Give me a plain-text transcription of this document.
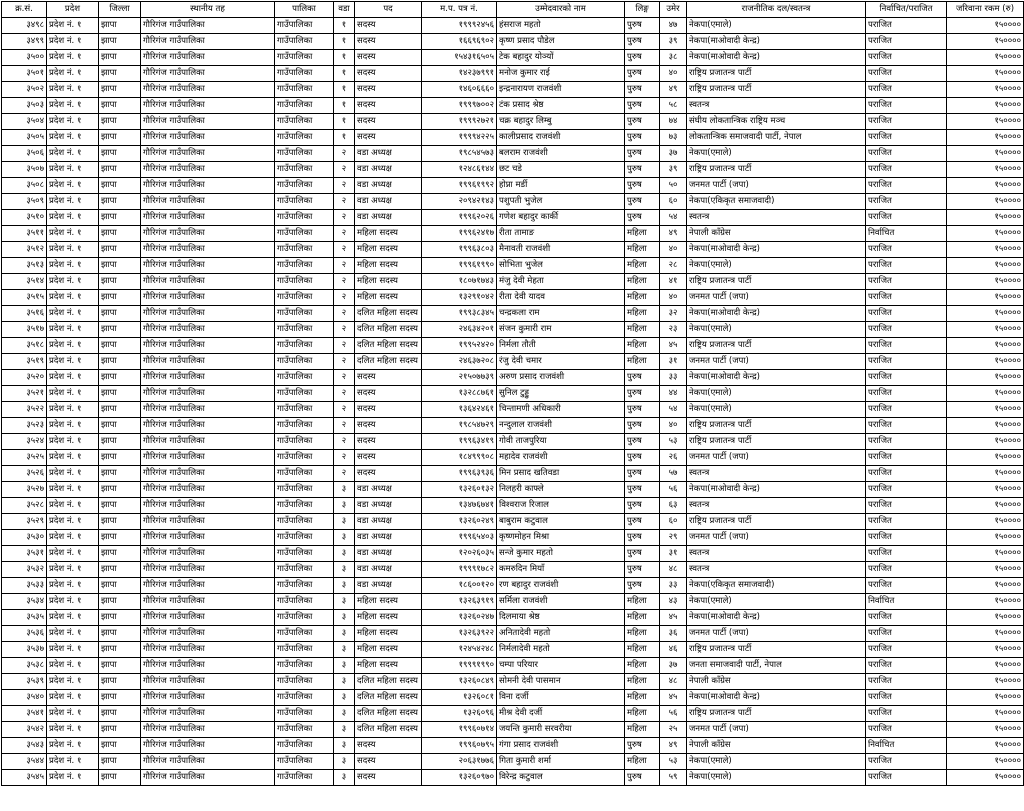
क्र.सं.	प्रदेश	जिल्ला	स्थानीय तह	पालिका	वडा	पद	म.प. पत्र नं.	उम्मेदवारको नाम	लिङ्ग	उमेर	राजनीतिक दल/स्वतन्त्र	निर्वाचित/पराजित	जरिवाना रकम (रु)
३४९८	प्रदेश नं. १	झापा	गौरिगंज गाउँपालिका	गाउँपालिका	१	सदस्य	१९९९२४५६	हंसराज महतो	पुरुष	४७	नेकपा(एमाले)	पराजित	१५००००
३४९९	प्रदेश नं. १	झापा	गौरिगंज गाउँपालिका	गाउँपालिका	१	सदस्य	१६६९६९०२	कृष्ण प्रसाद पौडेल	पुरुष	३९	नेकपा(माओवादी केन्द्र)	पराजित	१५००००
३५००	प्रदेश नं. १	झापा	गौरिगंज गाउँपालिका	गाउँपालिका	१	सदस्य	१५४३१६५०५	टेक बहादुर योञ्यों	पुरुष	३८	नेकपा(माओवादी केन्द्र)	पराजित	१५००००
३५०१	प्रदेश नं. १	झापा	गौरिगंज गाउँपालिका	गाउँपालिका	१	सदस्य	१४२३७९९१	मनोज कुमार राई	पुरुष	४०	राष्ट्रिय प्रजातन्त्र पार्टी	पराजित	१५००००
३५०२	प्रदेश नं. १	झापा	गौरिगंज गाउँपालिका	गाउँपालिका	१	सदस्य	१४६०६६६०	इन्द्रनारायण राजवंशी	पुरुष	४९	राष्ट्रिय प्रजातन्त्र पार्टी	पराजित	१५००००
३५०३	प्रदेश नं. १	झापा	गौरिगंज गाउँपालिका	गाउँपालिका	१	सदस्य	१९९९७००२	टंक प्रसाद श्रेष्ठ	पुरुष	५८	स्वतन्त्र	पराजित	१५००००
३५०४	प्रदेश नं. १	झापा	गौरिगंज गाउँपालिका	गाउँपालिका	१	सदस्य	१९९९२७२१	चक्र बहादुर लिम्बु	पुरुष	७४	संघीय लोकतान्त्रिक राष्ट्रिय मञ्च	पराजित	१५००००
३५०५	प्रदेश नं. १	झापा	गौरिगंज गाउँपालिका	गाउँपालिका	१	सदस्य	१९९९४२२५	कालीप्रसाद राजवंशी	पुरुष	७३	लोकतान्त्रिक समाजवादी पार्टी, नेपाल	पराजित	१५००००
३५०६	प्रदेश नं. १	झापा	गौरिगंज गाउँपालिका	गाउँपालिका	२	वडा अध्यक्ष	१९८५४५७३	बलराम राजवंशी	पुरुष	३७	नेकपा(एमाले)	पराजित	१५००००
३५०७	प्रदेश नं. १	झापा	गौरिगंज गाउँपालिका	गाउँपालिका	२	वडा अध्यक्ष	१२४८६१४४	छट चडे	पुरुष	३९	राष्ट्रिय प्रजातन्त्र पार्टी	पराजित	१५००००
३५०८	प्रदेश नं. १	झापा	गौरिगंज गाउँपालिका	गाउँपालिका	२	वडा अध्यक्ष	१९९६१९९२	होप्ना मर्डी	पुरुष	५०	जनमत पार्टी (जपा)	पराजित	१५००००
३५०९	प्रदेश नं. १	झापा	गौरिगंज गाउँपालिका	गाउँपालिका	२	वडा अध्यक्ष	२०९४२१४३	पशुपती भुजेल	पुरुष	६०	नेकपा(एकिकृत समाजवादी)	पराजित	१५००००
३५१०	प्रदेश नं. १	झापा	गौरिगंज गाउँपालिका	गाउँपालिका	२	वडा अध्यक्ष	१९९६२०२६	गणेश बहादुर कार्की	पुरुष	५४	स्वतन्त्र	पराजित	१५००००
३५११	प्रदेश नं. १	झापा	गौरिगंज गाउँपालिका	गाउँपालिका	२	महिला सदस्य	१९९६२४१७	रीता तामाङ	महिला	४९	नेपाली काँग्रेस	निर्वाचित	१५००००
३५१२	प्रदेश नं. १	झापा	गौरिगंज गाउँपालिका	गाउँपालिका	२	महिला सदस्य	१९९६३८०३	मैनावती राजवंशी	महिला	४०	नेकपा(माओवादी केन्द्र)	पराजित	१५००००
३५१३	प्रदेश नं. १	झापा	गौरिगंज गाउँपालिका	गाउँपालिका	२	महिला सदस्य	१९९६१९९०	सोभिता भुजेल	महिला	२८	नेकपा(एमाले)	पराजित	१५००००
३५१४	प्रदेश नं. १	झापा	गौरिगंज गाउँपालिका	गाउँपालिका	२	महिला सदस्य	१८०७१७४३	मंजु देवी मेहता	महिला	४१	राष्ट्रिय प्रजातन्त्र पार्टी	पराजित	१५००००
३५१५	प्रदेश नं. १	झापा	गौरिगंज गाउँपालिका	गाउँपालिका	२	महिला सदस्य	१३२९१०४२	रीता देवी यादव	महिला	४०	जनमत पार्टी (जपा)	पराजित	१५००००
३५१६	प्रदेश नं. १	झापा	गौरिगंज गाउँपालिका	गाउँपालिका	२	दलित महिला सदस्य	१९९३८३४५	चन्द्रकला राम	महिला	३२	नेकपा(माओवादी केन्द्र)	पराजित	१५००००
३५१७	प्रदेश नं. १	झापा	गौरिगंज गाउँपालिका	गाउँपालिका	२	दलित महिला सदस्य	२४६३४२०१	संजन कुमारी राम	महिला	२३	नेकपा(एमाले)	पराजित	१५००००
३५१८	प्रदेश नं. १	झापा	गौरिगंज गाउँपालिका	गाउँपालिका	२	दलित महिला सदस्य	१९९५२४२०	निर्मला तौती	महिला	४५	राष्ट्रिय प्रजातन्त्र पार्टी	पराजित	१५००००
३५१९	प्रदेश नं. १	झापा	गौरिगंज गाउँपालिका	गाउँपालिका	२	दलित महिला सदस्य	२४६३७२०८	रंजु देवी चमार	महिला	३१	जनमत पार्टी (जपा)	पराजित	१५००००
३५२०	प्रदेश नं. १	झापा	गौरिगंज गाउँपालिका	गाउँपालिका	२	सदस्य	२१५०७७३९	अरुण प्रसाद राजवंशी	पुरुष	३३	नेकपा(माओवादी केन्द्र)	पराजित	१५००००
३५२१	प्रदेश नं. १	झापा	गौरिगंज गाउँपालिका	गाउँपालिका	२	सदस्य	१३२८८७६१	सुनिल टुड्डु	पुरुष	४४	नेकपा(एमाले)	पराजित	१५००००
३५२२	प्रदेश नं. १	झापा	गौरिगंज गाउँपालिका	गाउँपालिका	२	सदस्य	१३६४२४६१	चिन्तामणी अधिकारी	पुरुष	५४	नेकपा(एमाले)	पराजित	१५००००
३५२३	प्रदेश नं. १	झापा	गौरिगंज गाउँपालिका	गाउँपालिका	२	सदस्य	१९८५४७२९	नन्दुलाल राजवंशी	पुरुष	४०	राष्ट्रिय प्रजातन्त्र पार्टी	पराजित	१५००००
३५२४	प्रदेश नं. १	झापा	गौरिगंज गाउँपालिका	गाउँपालिका	२	सदस्य	१९९६३४१९	गोवी ताजपुरिया	पुरुष	५३	राष्ट्रिय प्रजातन्त्र पार्टी	पराजित	१५००००
३५२५	प्रदेश नं. १	झापा	गौरिगंज गाउँपालिका	गाउँपालिका	२	सदस्य	१८४९९९०८	महादेव राजवंशी	पुरुष	२६	जनमत पार्टी (जपा)	पराजित	१५००००
३५२६	प्रदेश नं. १	झापा	गौरिगंज गाउँपालिका	गाउँपालिका	२	सदस्य	१९९६३९३६	मिन प्रसाद खतिवडा	पुरुष	५७	स्वतन्त्र	पराजित	१५००००
३५२७	प्रदेश नं. १	झापा	गौरिगंज गाउँपालिका	गाउँपालिका	३	वडा अध्यक्ष	१३२६०१३२	निलहरी काफ्ले	पुरुष	५६	नेकपा(माओवादी केन्द्र)	पराजित	१५००००
३५२८	प्रदेश नं. १	झापा	गौरिगंज गाउँपालिका	गाउँपालिका	३	वडा अध्यक्ष	१३४७६७४१	विश्वराज रिजाल	पुरुष	६३	स्वतन्त्र	पराजित	१५००००
३५२९	प्रदेश नं. १	झापा	गौरिगंज गाउँपालिका	गाउँपालिका	३	वडा अध्यक्ष	१३२६०२४९	बाबुराम कटुवाल	पुरुष	६०	राष्ट्रिय प्रजातन्त्र पार्टी	पराजित	१५००००
३५३०	प्रदेश नं. १	झापा	गौरिगंज गाउँपालिका	गाउँपालिका	३	वडा अध्यक्ष	१९९६५४०३	कृष्णमोहन मिश्रा	पुरुष	२९	जनमत पार्टी (जपा)	पराजित	१५००००
३५३१	प्रदेश नं. १	झापा	गौरिगंज गाउँपालिका	गाउँपालिका	३	वडा अध्यक्ष	१२०२६०३५	सन्जे कुमार महतो	पुरुष	३१	स्वतन्त्र	पराजित	१५००००
३५३२	प्रदेश नं. १	झापा	गौरिगंज गाउँपालिका	गाउँपालिका	३	वडा अध्यक्ष	१९९९१७८२	कमरुदिन मियाँ	पुरुष	४८	स्वतन्त्र	पराजित	१५००००
३५३३	प्रदेश नं. १	झापा	गौरिगंज गाउँपालिका	गाउँपालिका	३	वडा अध्यक्ष	१८६००१२०	रण बहादुर राजवंशी	पुरुष	३३	नेकपा(एकिकृत समाजवादी)	पराजित	१५००००
३५३४	प्रदेश नं. १	झापा	गौरिगंज गाउँपालिका	गाउँपालिका	३	महिला सदस्य	१३२६३९१९	सर्मिला राजवंशी	महिला	४३	नेकपा(एमाले)	निर्वाचित	१५००००
३५३५	प्रदेश नं. १	झापा	गौरिगंज गाउँपालिका	गाउँपालिका	३	महिला सदस्य	१३२६०२४७	दिलमाया श्रेष्ठ	महिला	४५	नेकपा(माओवादी केन्द्र)	पराजित	१५००००
३५३६	प्रदेश नं. १	झापा	गौरिगंज गाउँपालिका	गाउँपालिका	३	महिला सदस्य	१३२६३९२२	अनितादेवी महतो	महिला	३६	जनमत पार्टी (जपा)	पराजित	१५००००
३५३७	प्रदेश नं. १	झापा	गौरिगंज गाउँपालिका	गाउँपालिका	३	महिला सदस्य	१२४५४२४८	निर्मलादेवी महतो	महिला	४६	राष्ट्रिय प्रजातन्त्र पार्टी	पराजित	१५००००
३५३८	प्रदेश नं. १	झापा	गौरिगंज गाउँपालिका	गाउँपालिका	३	महिला सदस्य	१९९९१९९०	चम्पा परियार	महिला	३७	जनता समाजवादी पार्टी, नेपाल	पराजित	१५००००
३५३९	प्रदेश नं. १	झापा	गौरिगंज गाउँपालिका	गाउँपालिका	३	दलित महिला सदस्य	१३२६०८४९	सोमनी देवी पासमान	महिला	४८	नेपाली काँग्रेस	पराजित	१५००००
३५४०	प्रदेश नं. १	झापा	गौरिगंज गाउँपालिका	गाउँपालिका	३	दलित महिला सदस्य	१३२६०८१	विना दर्जी	महिला	४५	नेकपा(माओवादी केन्द्र)	पराजित	१५००००
३५४१	प्रदेश नं. १	झापा	गौरिगंज गाउँपालिका	गाउँपालिका	३	दलित महिला सदस्य	१३२६०९६	मीश्र देवी दर्जी	महिला	५६	राष्ट्रिय प्रजातन्त्र पार्टी	पराजित	१५००००
३५४२	प्रदेश नं. १	झापा	गौरिगंज गाउँपालिका	गाउँपालिका	३	दलित महिला सदस्य	१९९६०७१४	जयन्ति कुमारी सरवरीया	महिला	२५	जनमत पार्टी (जपा)	पराजित	१५००००
३५४३	प्रदेश नं. १	झापा	गौरिगंज गाउँपालिका	गाउँपालिका	३	सदस्य	१९९६०७९५	गंगा प्रसाद राजवंशी	पुरुष	४९	नेपाली काँग्रेस	निर्वाचित	१५००००
३५४४	प्रदेश नं. १	झापा	गौरिगंज गाउँपालिका	गाउँपालिका	३	सदस्य	२०६३१७७६	गिता कुमारी शर्मा	महिला	५३	नेकपा(एमाले)	पराजित	१५००००
३५४५	प्रदेश नं. १	झापा	गौरिगंज गाउँपालिका	गाउँपालिका	३	सदस्य	१३२६०९७०	विरेन्द्र कटुवाल	पुरुष	५९	नेकपा(एमाले)	पराजित	१५००००
